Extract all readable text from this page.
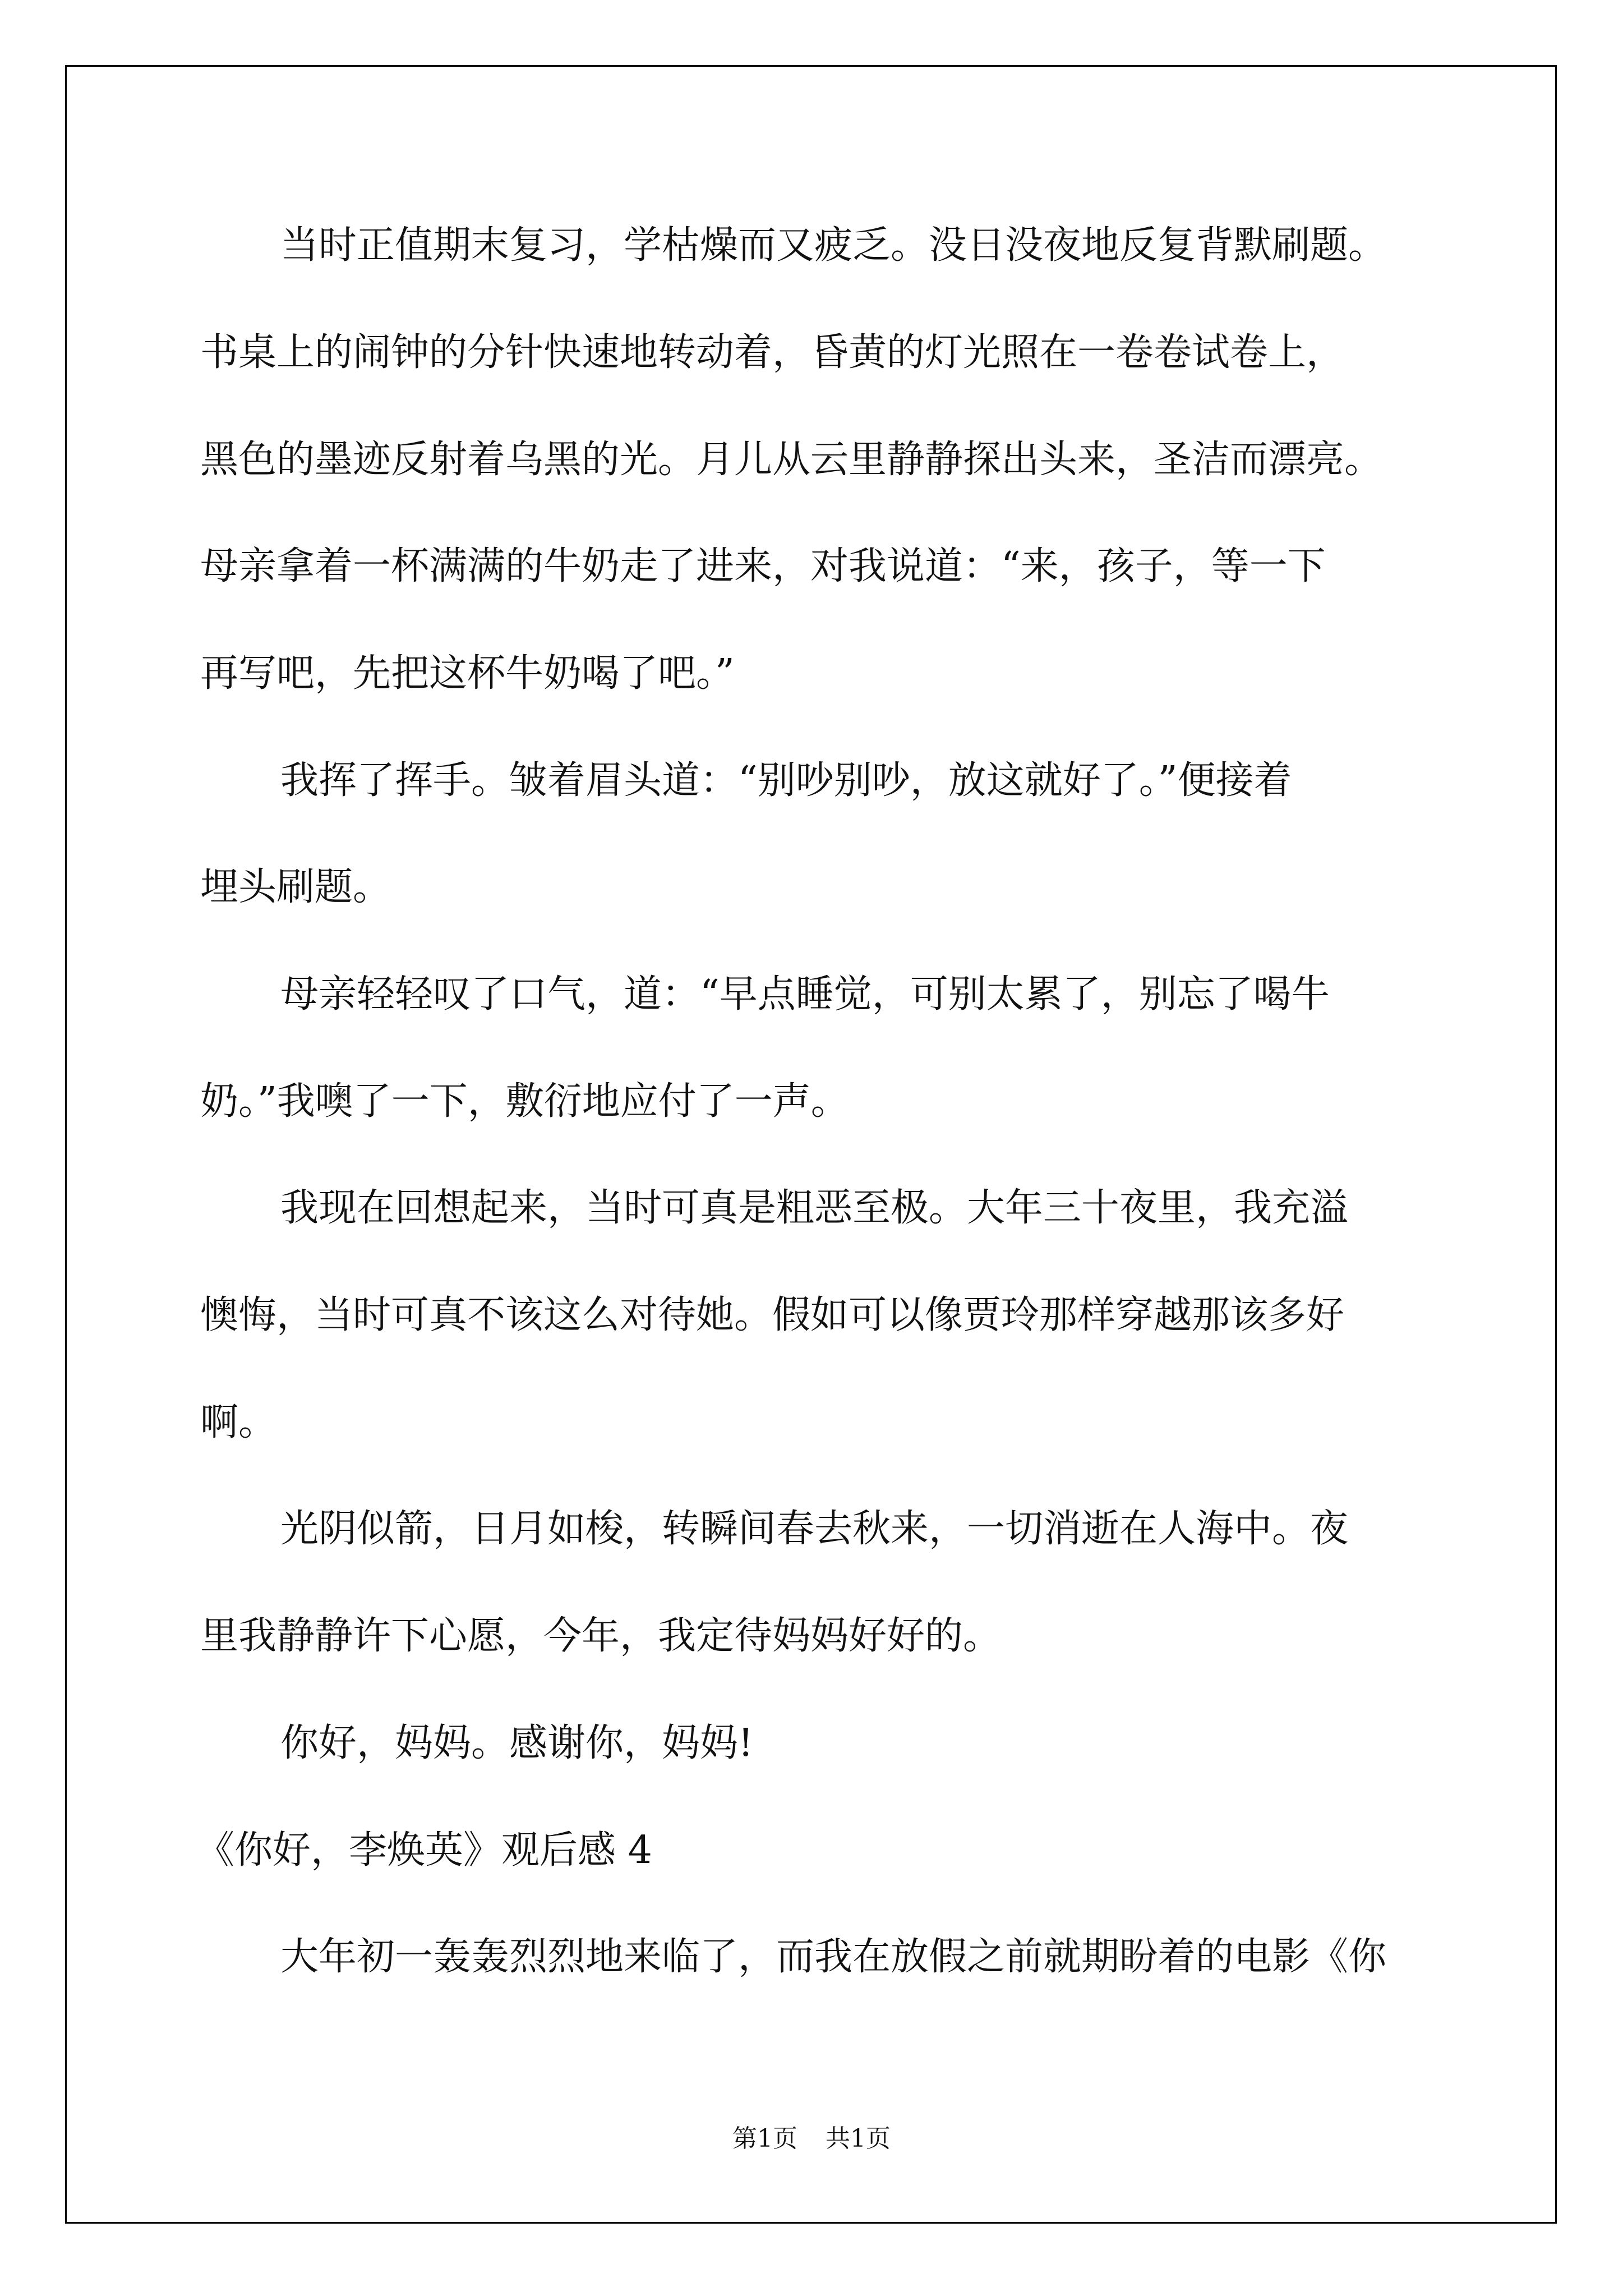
当时正值期末复习，学枯燥而又疲乏。没日没夜地反复背默刷题。
书桌上的闹钟的分针快速地转动着，昏黄的灯光照在一卷卷试卷上，
黑色的墨迹反射着乌黑的光。月儿从云里静静探出头来，圣洁而漂亮。
母亲拿着一杯满满的牛奶走了进来，对我说道：“来，孩子，等一下
再写吧，先把这杯牛奶喝了吧。”
我挥了挥手。皱着眉头道：“别吵别吵，放这就好了。”便接着
埋头刷题。
母亲轻轻叹了口气，道：“早点睡觉，可别太累了，别忘了喝牛
奶。”我噢了一下，敷衍地应付了一声。
我现在回想起来，当时可真是粗恶至极。大年三十夜里，我充溢
懊悔，当时可真不该这么对待她。假如可以像贾玲那样穿越那该多好
啊。
光阴似箭，日月如梭，转瞬间春去秋来，一切消逝在人海中。夜
里我静静许下心愿，今年，我定待妈妈好好的。
你好，妈妈。感谢你，妈妈!
《你好，李焕英》观后感 4
大年初一轰轰烈烈地来临了，而我在放假之前就期盼着的电影《你
第1页 共1页
